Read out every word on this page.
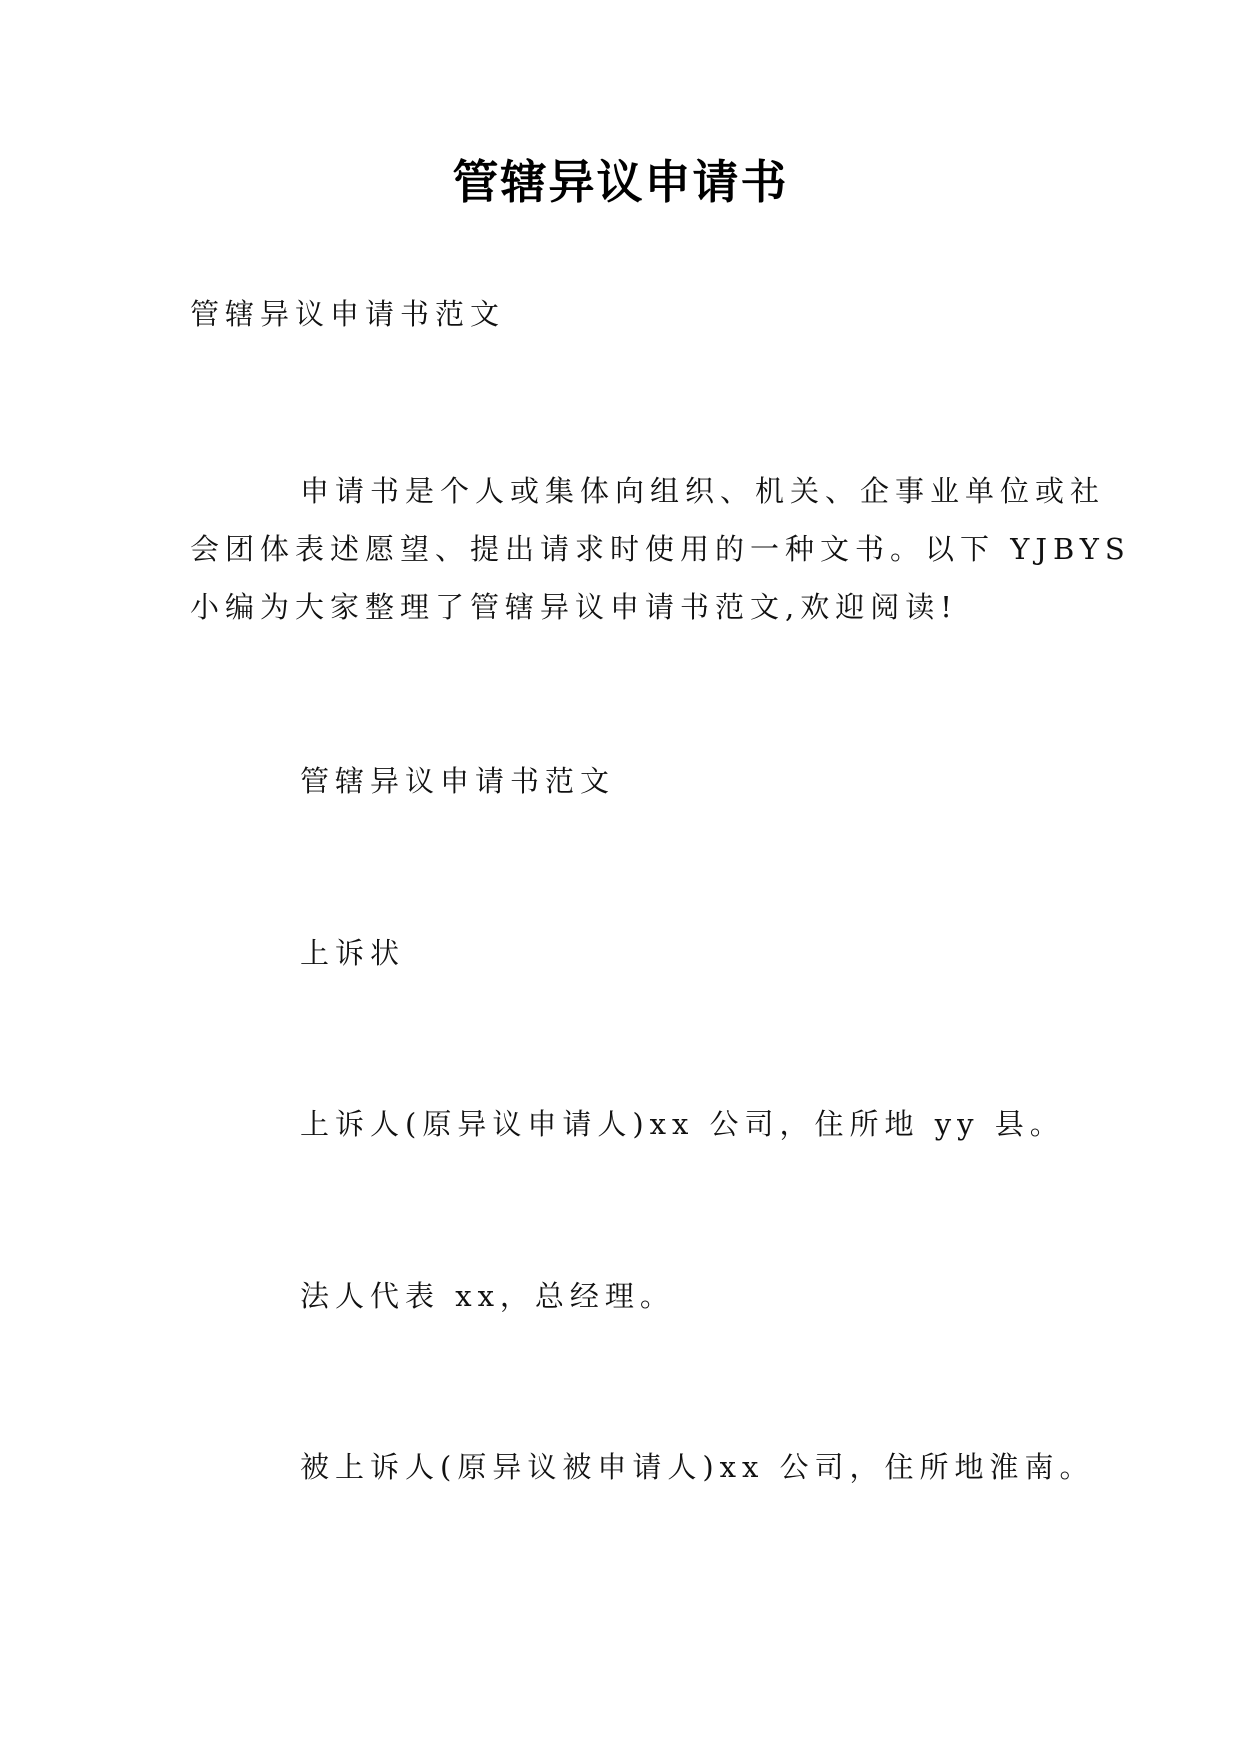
管辖异议申请书

管辖异议申请书范文

申请书是个人或集体向组织、机关、企事业单位或社
会团体表述愿望、提出请求时使用的一种文书。以下 YJBYS
小编为大家整理了管辖异议申请书范文,欢迎阅读!

管辖异议申请书范文

上诉状

上诉人(原异议申请人)xx 公司，住所地 yy 县。

法人代表 xx，总经理。

被上诉人(原异议被申请人)xx 公司，住所地淮南。
